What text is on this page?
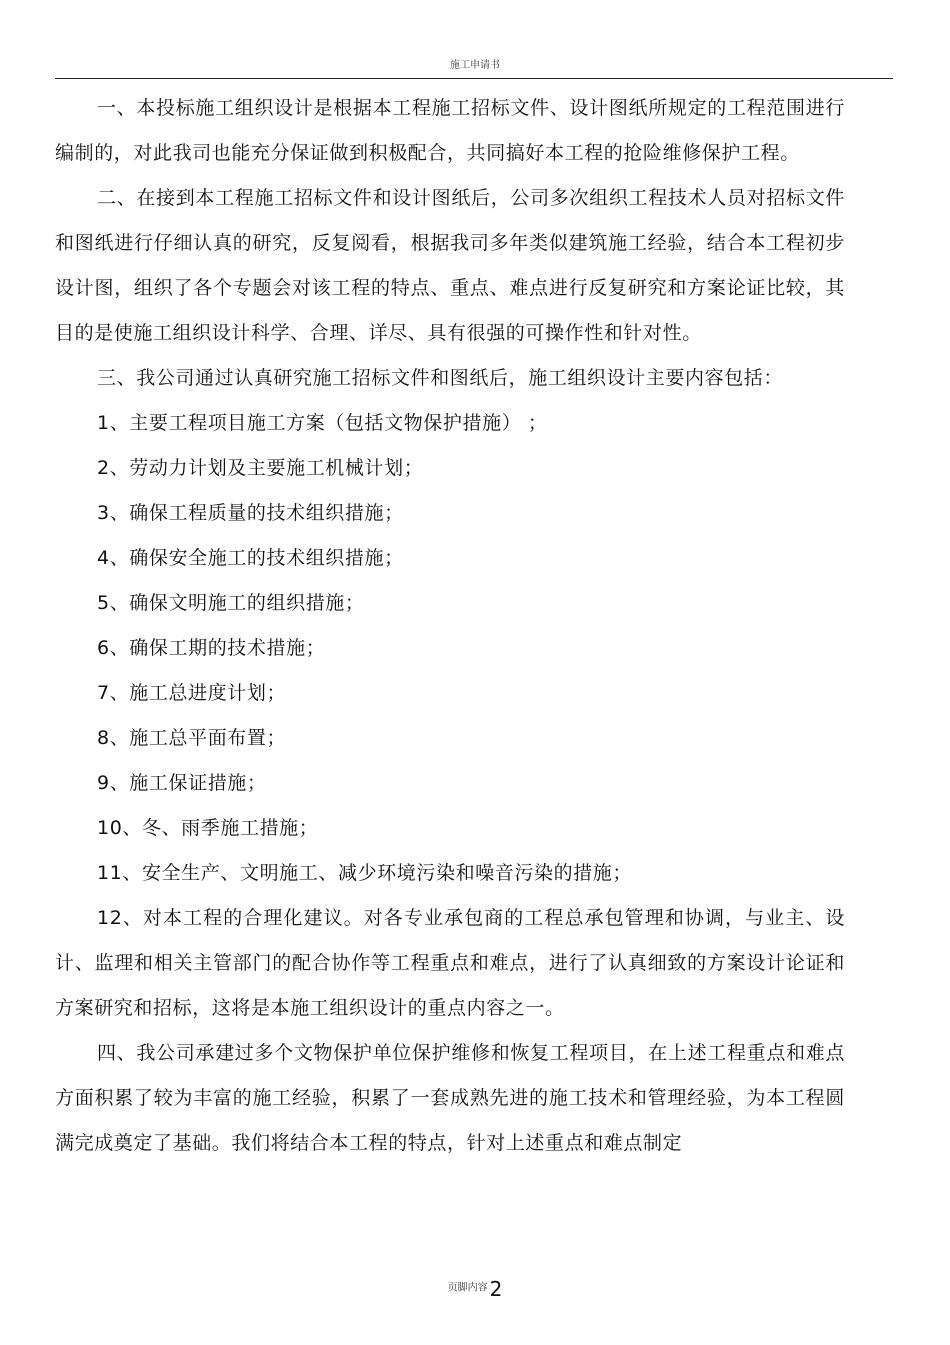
施工申请书

一、本投标施工组织设计是根据本工程施工招标文件、设计图纸所规定的工程范围进行编制的，对此我司也能充分保证做到积极配合，共同搞好本工程的抢险维修保护工程。

二、在接到本工程施工招标文件和设计图纸后，公司多次组织工程技术人员对招标文件和图纸进行仔细认真的研究，反复阅看，根据我司多年类似建筑施工经验，结合本工程初步设计图，组织了各个专题会对该工程的特点、重点、难点进行反复研究和方案论证比较，其目的是使施工组织设计科学、合理、详尽、具有很强的可操作性和针对性。

三、我公司通过认真研究施工招标文件和图纸后，施工组织设计主要内容包括：

1、主要工程项目施工方案（包括文物保护措施） ；

2、劳动力计划及主要施工机械计划；

3、确保工程质量的技术组织措施；

4、确保安全施工的技术组织措施；

5、确保文明施工的组织措施；

6、确保工期的技术措施；

7、施工总进度计划；

8、施工总平面布置；

9、施工保证措施；

10、冬、雨季施工措施；

11、安全生产、文明施工、减少环境污染和噪音污染的措施；

12、对本工程的合理化建议。对各专业承包商的工程总承包管理和协调，与业主、设计、监理和相关主管部门的配合协作等工程重点和难点，进行了认真细致的方案设计论证和方案研究和招标，这将是本施工组织设计的重点内容之一。

四、我公司承建过多个文物保护单位保护维修和恢复工程项目，在上述工程重点和难点方面积累了较为丰富的施工经验，积累了一套成熟先进的施工技术和管理经验，为本工程圆满完成奠定了基础。我们将结合本工程的特点，针对上述重点和难点制定

页脚内容 2
